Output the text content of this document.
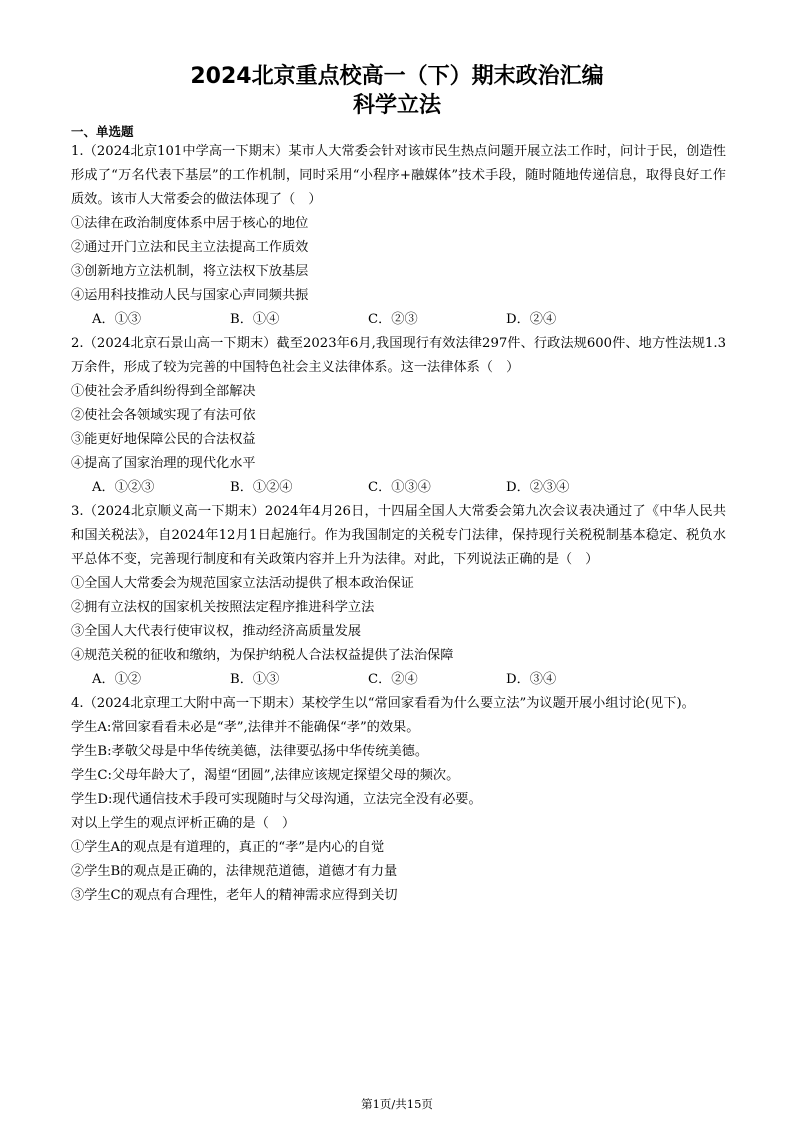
2024北京重点校高一（下）期末政治汇编
科学立法
一、单选题

1.（2024北京101中学高一下期末）某市人大常委会针对该市民生热点问题开展立法工作时，问计于民，创造性形成了“万名代表下基层”的工作机制，同时采用“小程序+融媒体”技术手段，随时随地传递信息，取得良好工作质效。该市人大常委会的做法体现了（　）

①法律在政治制度体系中居于核心的地位

②通过开门立法和民主立法提高工作质效

③创新地方立法机制，将立法权下放基层

④运用科技推动人民与国家心声同频共振

A．①③	B．①④	C．②③	D．②④

2.（2024北京石景山高一下期末）截至2023年6月,我国现行有效法律297件、行政法规600件、地方性法规1.3万余件，形成了较为完善的中国特色社会主义法律体系。这一法律体系（　）

①使社会矛盾纠纷得到全部解决

②使社会各领域实现了有法可依

③能更好地保障公民的合法权益

④提高了国家治理的现代化水平

A．①②③	B．①②④	C．①③④	D．②③④

3.（2024北京顺义高一下期末）2024年4月26日，十四届全国人大常委会第九次会议表决通过了《中华人民共和国关税法》，自2024年12月1日起施行。作为我国制定的关税专门法律，保持现行关税税制基本稳定、税负水平总体不变，完善现行制度和有关政策内容并上升为法律。对此，下列说法正确的是（　）

①全国人大常委会为规范国家立法活动提供了根本政治保证

②拥有立法权的国家机关按照法定程序推进科学立法

③全国人大代表行使审议权，推动经济高质量发展

④规范关税的征收和缴纳，为保护纳税人合法权益提供了法治保障

A．①②	B．①③	C．②④	D．③④

4.（2024北京理工大附中高一下期末）某校学生以“常回家看看为什么要立法”为议题开展小组讨论(见下)。

学生A:常回家看看未必是“孝”,法律并不能确保“孝”的效果。

学生B:孝敬父母是中华传统美德，法律要弘扬中华传统美德。

学生C:父母年龄大了，渴望“团圆”,法律应该规定探望父母的频次。

学生D:现代通信技术手段可实现随时与父母沟通，立法完全没有必要。

对以上学生的观点评析正确的是（　）

①学生A的观点是有道理的，真正的“孝”是内心的自觉

②学生B的观点是正确的，法律规范道德，道德才有力量

③学生C的观点有合理性，老年人的精神需求应得到关切

第1页/共15页
